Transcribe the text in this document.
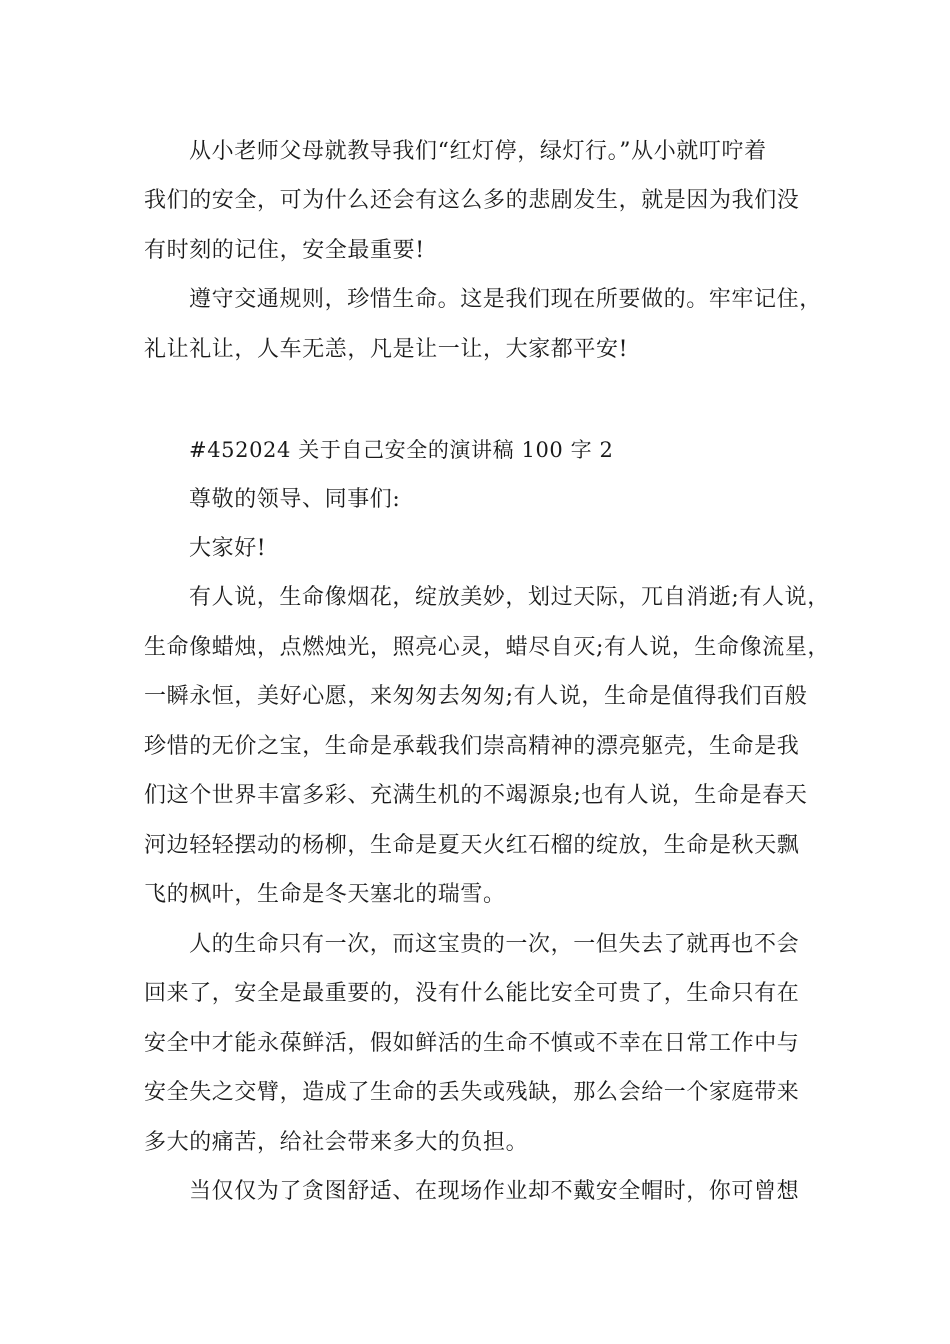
从小老师父母就教导我们“红灯停，绿灯行。”从小就叮咛着
我们的安全，可为什么还会有这么多的悲剧发生，就是因为我们没
有时刻的记住，安全最重要!
遵守交通规则，珍惜生命。这是我们现在所要做的。牢牢记住，
礼让礼让，人车无恙，凡是让一让，大家都平安!
#452024 关于自己安全的演讲稿 100 字 2
尊敬的领导、同事们:
大家好!
有人说，生命像烟花，绽放美妙，划过天际，兀自消逝;有人说，
生命像蜡烛，点燃烛光，照亮心灵，蜡尽自灭;有人说，生命像流星，
一瞬永恒，美好心愿，来匆匆去匆匆;有人说，生命是值得我们百般
珍惜的无价之宝，生命是承载我们崇高精神的漂亮躯壳，生命是我
们这个世界丰富多彩、充满生机的不竭源泉;也有人说，生命是春天
河边轻轻摆动的杨柳，生命是夏天火红石榴的绽放，生命是秋天飘
飞的枫叶，生命是冬天塞北的瑞雪。
人的生命只有一次，而这宝贵的一次，一但失去了就再也不会
回来了，安全是最重要的，没有什么能比安全可贵了，生命只有在
安全中才能永葆鲜活，假如鲜活的生命不慎或不幸在日常工作中与
安全失之交臂，造成了生命的丢失或残缺，那么会给一个家庭带来
多大的痛苦，给社会带来多大的负担。
当仅仅为了贪图舒适、在现场作业却不戴安全帽时，你可曾想
